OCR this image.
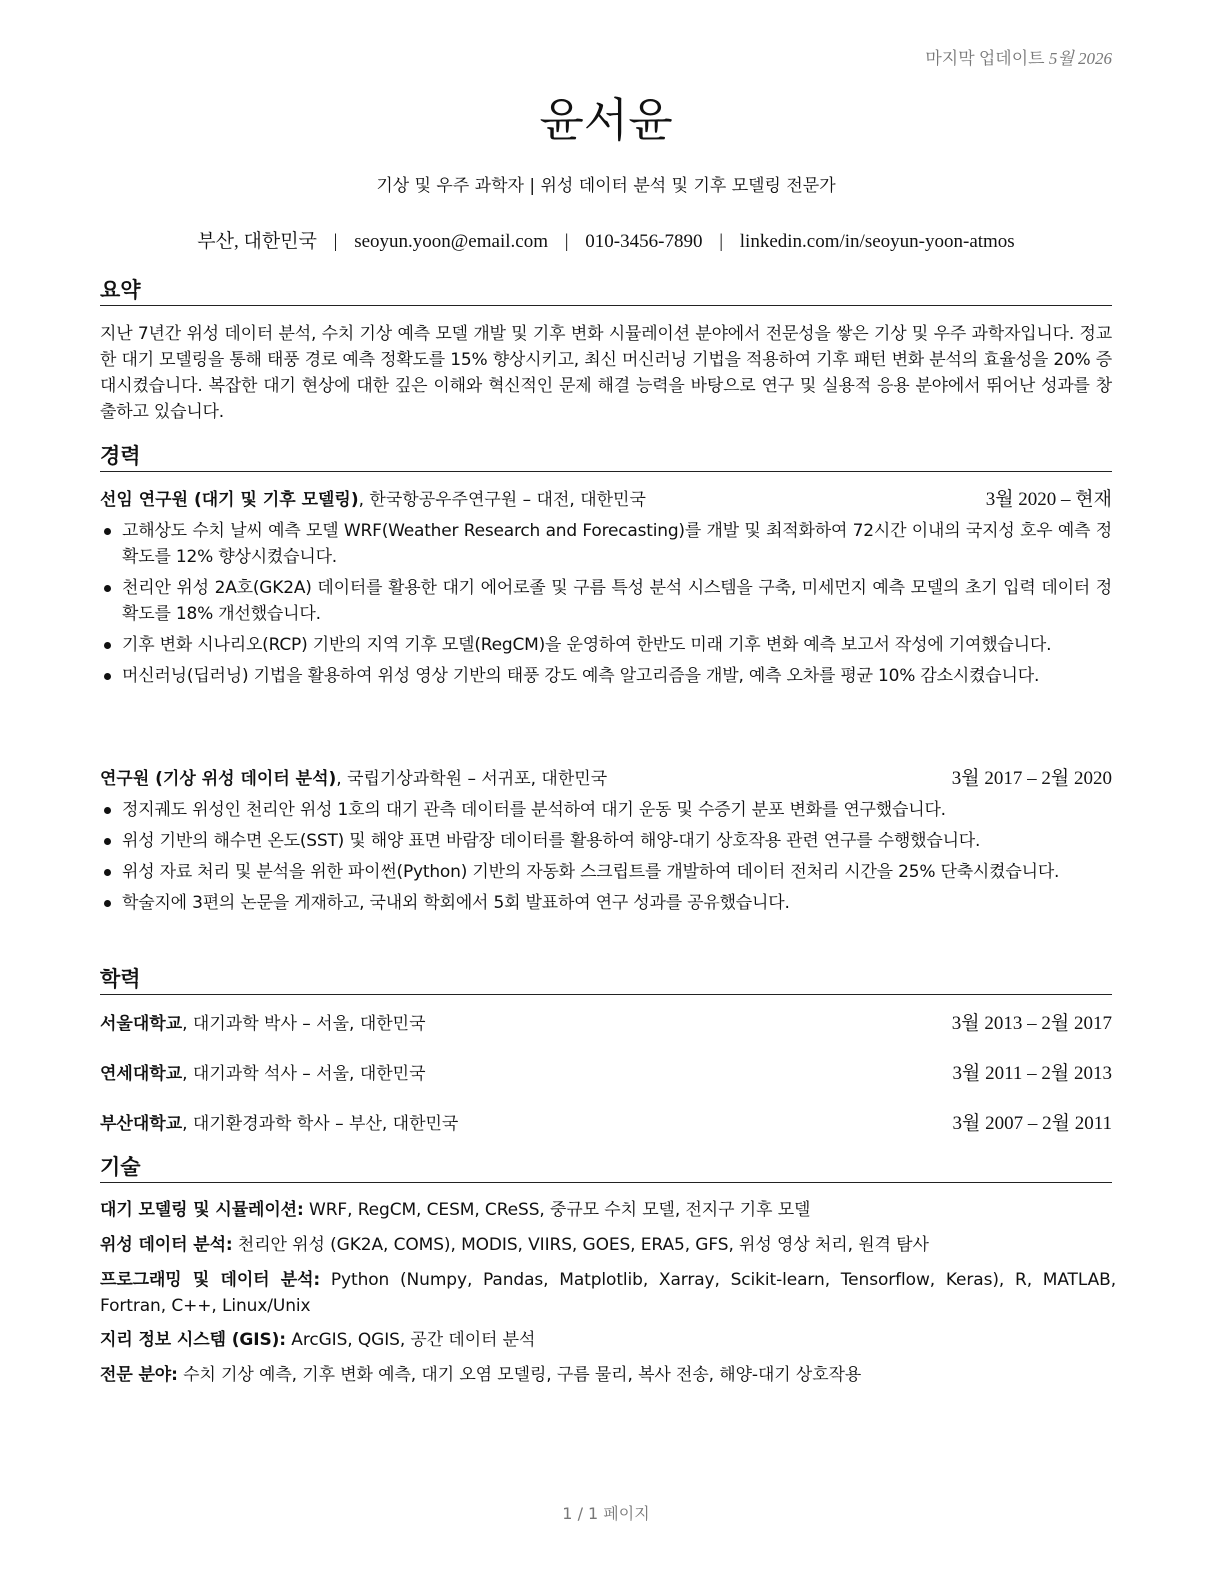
마지막 업데이트 5월 2026
윤서윤
기상 및 우주 과학자 | 위성 데이터 분석 및 기후 모델링 전문가
부산, 대한민국 | seoyun.yoon@email.com | 010-3456-7890 | linkedin.com/in/seoyun-yoon-atmos
요약
지난 7년간 위성 데이터 분석, 수치 기상 예측 모델 개발 및 기후 변화 시뮬레이션 분야에서 전문성을 쌓은 기상 및 우주 과학자입니다. 정교한 대기 모델링을 통해 태풍 경로 예측 정확도를 15% 향상시키고, 최신 머신러닝 기법을 적용하여 기후 패턴 변화 분석의 효율성을 20% 증대시켰습니다. 복잡한 대기 현상에 대한 깊은 이해와 혁신적인 문제 해결 능력을 바탕으로 연구 및 실용적 응용 분야에서 뛰어난 성과를 창출하고 있습니다.
경력
선임 연구원 (대기 및 기후 모델링), 한국항공우주연구원 – 대전, 대한민국	3월 2020 – 현재
고해상도 수치 날씨 예측 모델 WRF(Weather Research and Forecasting)를 개발 및 최적화하여 72시간 이내의 국지성 호우 예측 정확도를 12% 향상시켰습니다.
천리안 위성 2A호(GK2A) 데이터를 활용한 대기 에어로졸 및 구름 특성 분석 시스템을 구축, 미세먼지 예측 모델의 초기 입력 데이터 정확도를 18% 개선했습니다.
기후 변화 시나리오(RCP) 기반의 지역 기후 모델(RegCM)을 운영하여 한반도 미래 기후 변화 예측 보고서 작성에 기여했습니다.
머신러닝(딥러닝) 기법을 활용하여 위성 영상 기반의 태풍 강도 예측 알고리즘을 개발, 예측 오차를 평균 10% 감소시켰습니다.
연구원 (기상 위성 데이터 분석), 국립기상과학원 – 서귀포, 대한민국	3월 2017 – 2월 2020
정지궤도 위성인 천리안 위성 1호의 대기 관측 데이터를 분석하여 대기 운동 및 수증기 분포 변화를 연구했습니다.
위성 기반의 해수면 온도(SST) 및 해양 표면 바람장 데이터를 활용하여 해양-대기 상호작용 관련 연구를 수행했습니다.
위성 자료 처리 및 분석을 위한 파이썬(Python) 기반의 자동화 스크립트를 개발하여 데이터 전처리 시간을 25% 단축시켰습니다.
학술지에 3편의 논문을 게재하고, 국내외 학회에서 5회 발표하여 연구 성과를 공유했습니다.
학력
서울대학교, 대기과학 박사 – 서울, 대한민국	3월 2013 – 2월 2017
연세대학교, 대기과학 석사 – 서울, 대한민국	3월 2011 – 2월 2013
부산대학교, 대기환경과학 학사 – 부산, 대한민국	3월 2007 – 2월 2011
기술
대기 모델링 및 시뮬레이션: WRF, RegCM, CESM, CReSS, 중규모 수치 모델, 전지구 기후 모델
위성 데이터 분석: 천리안 위성 (GK2A, COMS), MODIS, VIIRS, GOES, ERA5, GFS, 위성 영상 처리, 원격 탐사
프로그래밍 및 데이터 분석: Python (Numpy, Pandas, Matplotlib, Xarray, Scikit-learn, Tensorflow, Keras), R, MATLAB, Fortran, C++, Linux/Unix
지리 정보 시스템 (GIS): ArcGIS, QGIS, 공간 데이터 분석
전문 분야: 수치 기상 예측, 기후 변화 예측, 대기 오염 모델링, 구름 물리, 복사 전송, 해양-대기 상호작용
1 / 1 페이지
